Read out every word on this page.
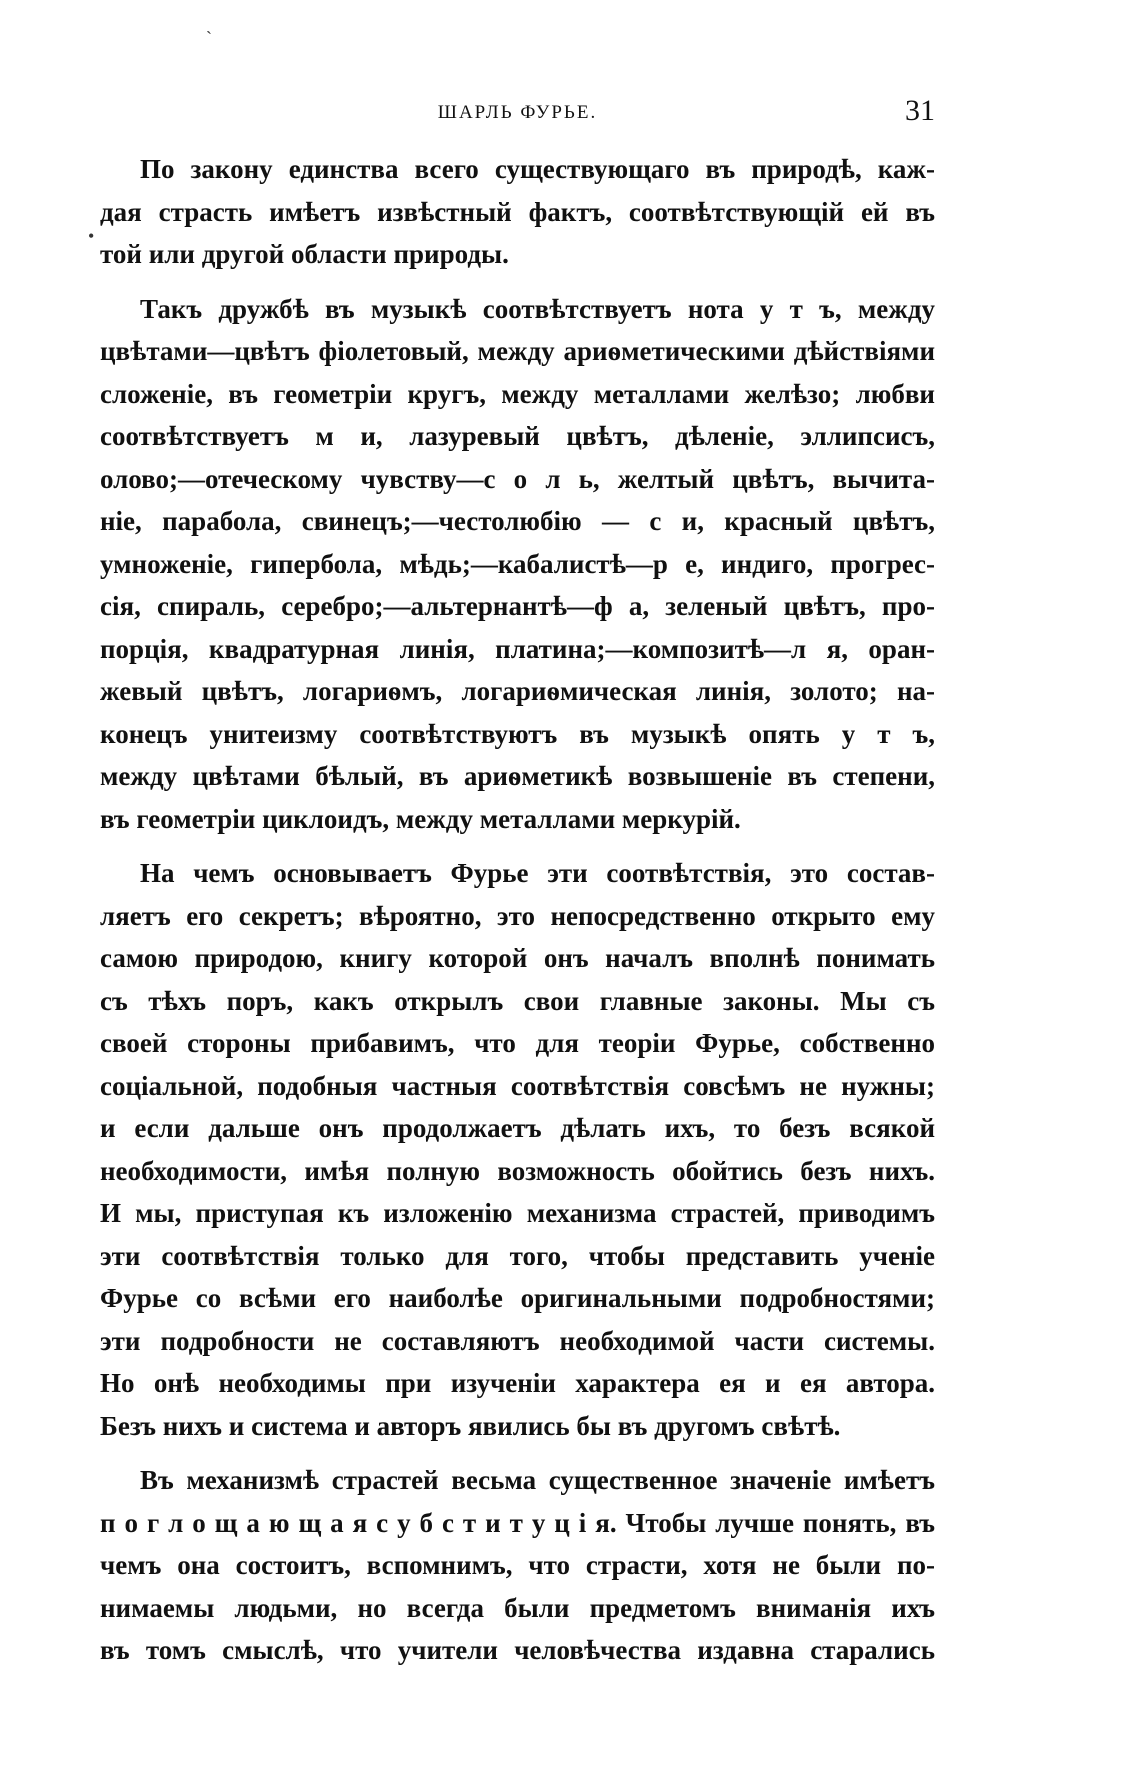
ШАРЛЬ ФУРЬЕ.	31
ˋ
•
По закону единства всего существующаго въ природѣ, каж-
дая страсть имѣетъ извѣстный фактъ, соотвѣтствующій ей въ
той или другой области природы.
Такъ дружбѣ въ музыкѣ соотвѣтствуетъ нота у т ъ, между
цвѣтами—цвѣтъ фіолетовый, между ариѳметическими дѣйствіями
сложеніе, въ геометріи кругъ, между металлами желѣзо; любви
соотвѣтствуетъ м и, лазуревый цвѣтъ, дѣленіе, эллипсисъ,
олово;—отеческому чувству—с о л ь, желтый цвѣтъ, вычита-
ніе, парабола, свинецъ;—честолюбію — с и, красный цвѣтъ,
умноженіе, гипербола, мѣдь;—кабалистѣ—р е, индиго, прогрес-
сія, спираль, серебро;—альтернантѣ—ф а, зеленый цвѣтъ, про-
порція, квадратурная линія, платина;—композитѣ—л я, оран-
жевый цвѣтъ, логариѳмъ, логариѳмическая линія, золото; на-
конецъ унитеизму соотвѣтствуютъ въ музыкѣ опять у т ъ,
между цвѣтами бѣлый, въ ариѳметикѣ возвышеніе въ степени,
въ геометріи циклоидъ, между металлами меркурій.
На чемъ основываетъ Фурье эти соотвѣтствія, это состав-
ляетъ его секретъ; вѣроятно, это непосредственно открыто ему
самою природою, книгу которой онъ началъ вполнѣ понимать
съ тѣхъ поръ, какъ открылъ свои главные законы. Мы съ
своей стороны прибавимъ, что для теоріи Фурье, собственно
соціальной, подобныя частныя соотвѣтствія совсѣмъ не нужны;
и если дальше онъ продолжаетъ дѣлать ихъ, то безъ всякой
необходимости, имѣя полную возможность обойтись безъ нихъ.
И мы, приступая къ изложенію механизма страстей, приводимъ
эти соотвѣтствія только для того, чтобы представить ученіе
Фурье со всѣми его наиболѣе оригинальными подробностями;
эти подробности не составляютъ необходимой части системы.
Но онѣ необходимы при изученіи характера ея и ея автора.
Безъ нихъ и система и авторъ явились бы въ другомъ свѣтѣ.
Въ механизмѣ страстей весьма существенное значеніе имѣетъ
п о г л о щ а ю щ а я с у б с т и т у ц і я. Чтобы лучше понять, въ
чемъ она состоитъ, вспомнимъ, что страсти, хотя не были по-
нимаемы людьми, но всегда были предметомъ вниманія ихъ
въ томъ смыслѣ, что учители человѣчества издавна старались
